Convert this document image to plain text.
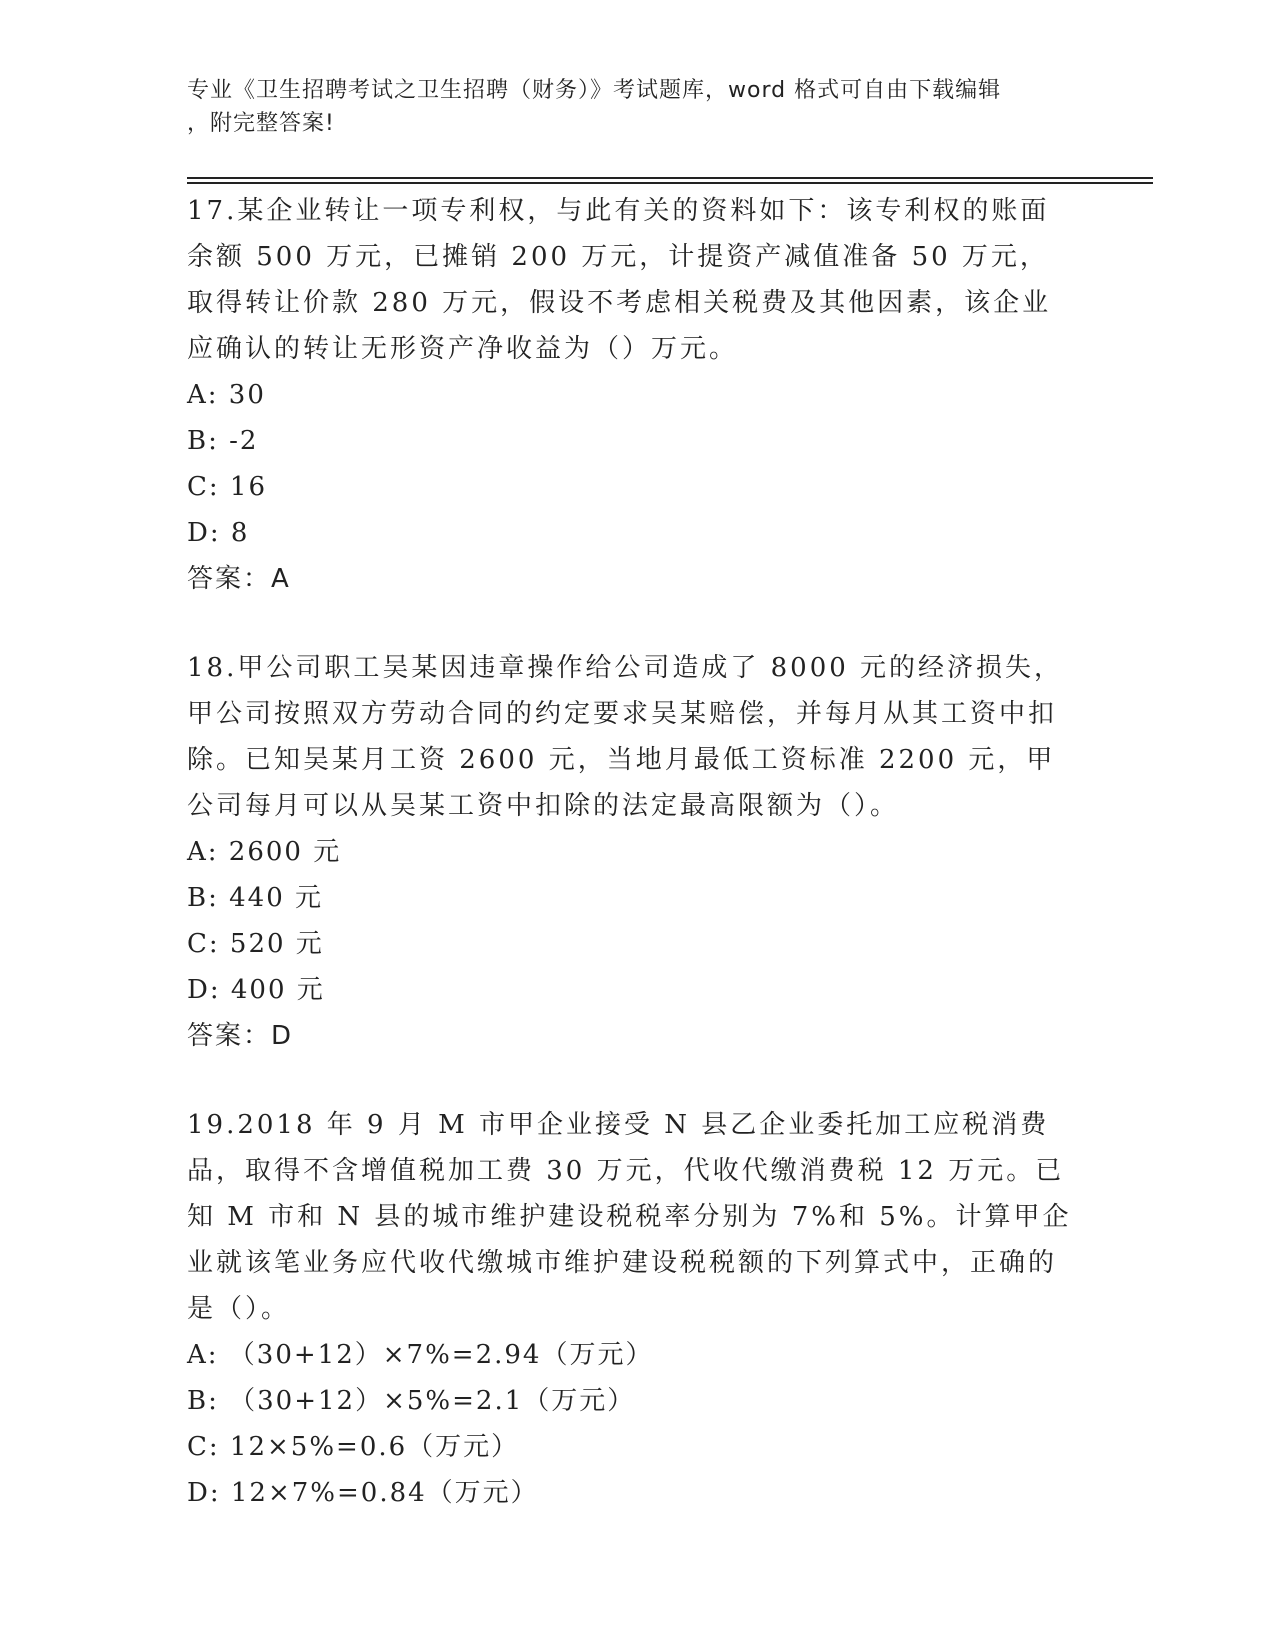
专业《卫生招聘考试之卫生招聘（财务）》考试题库，word 格式可自由下载编辑
，附完整答案!

17.某企业转让一项专利权，与此有关的资料如下：该专利权的账面余额 500 万元，已摊销 200 万元，计提资产减值准备 50 万元，取得转让价款 280 万元，假设不考虑相关税费及其他因素，该企业应确认的转让无形资产净收益为（）万元。

A: 30
B: -2
C: 16
D: 8
答案：A

18.甲公司职工吴某因违章操作给公司造成了 8000 元的经济损失，甲公司按照双方劳动合同的约定要求吴某赔偿，并每月从其工资中扣除。已知吴某月工资 2600 元，当地月最低工资标准 2200 元，甲公司每月可以从吴某工资中扣除的法定最高限额为（）。

A: 2600 元
B: 440 元
C: 520 元
D: 400 元
答案：D

19.2018 年 9 月 M 市甲企业接受 N 县乙企业委托加工应税消费品，取得不含增值税加工费 30 万元，代收代缴消费税 12 万元。已知 M 市和 N 县的城市维护建设税税率分别为 7%和 5%。计算甲企业就该笔业务应代收代缴城市维护建设税税额的下列算式中，正确的是（）。

A: （30+12）×7%=2.94（万元）
B: （30+12）×5%=2.1（万元）
C: 12×5%=0.6（万元）
D: 12×7%=0.84（万元）
